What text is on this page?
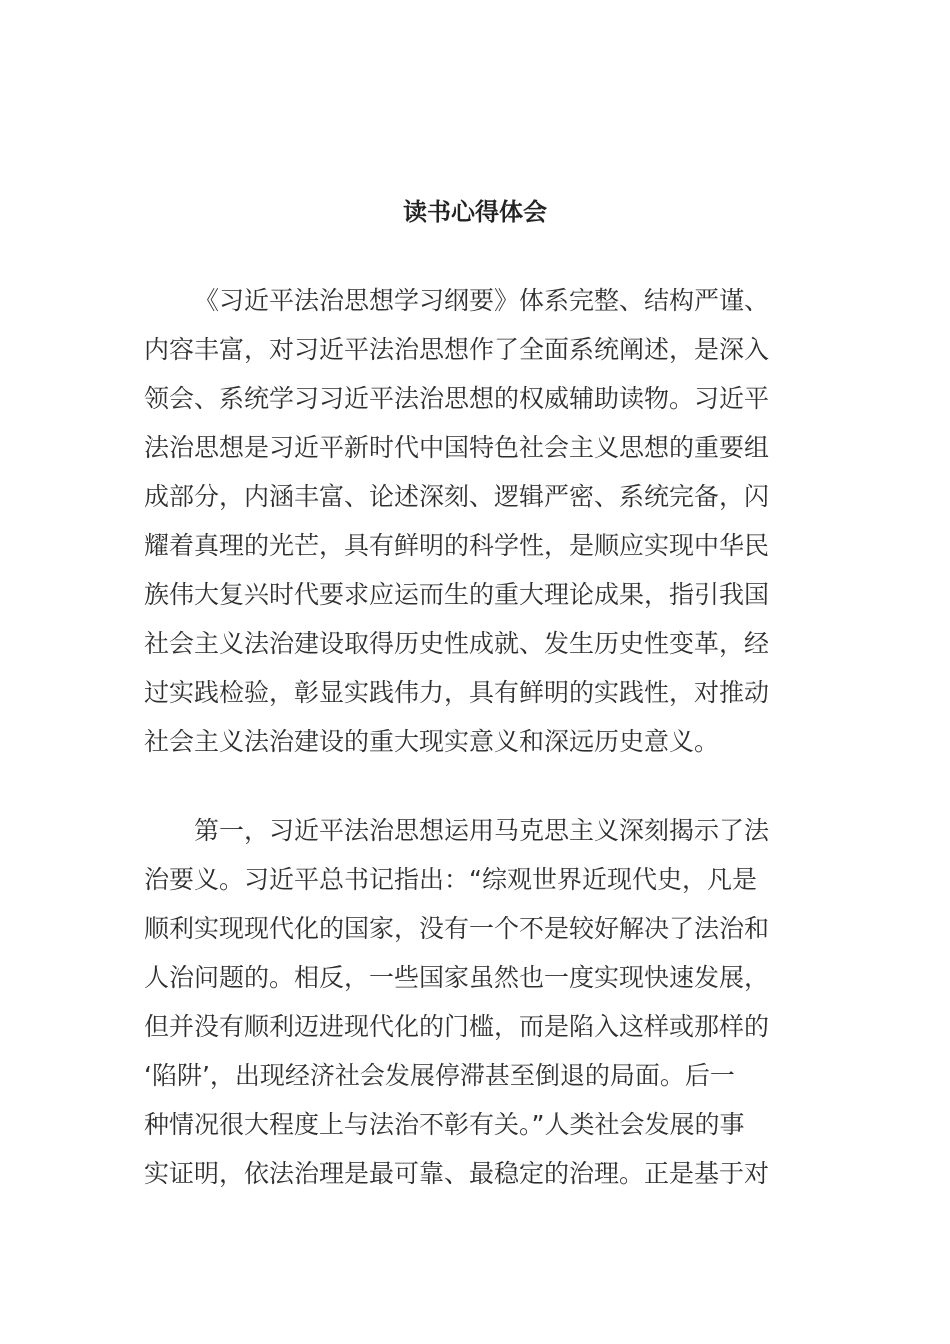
读书心得体会
《习近平法治思想学习纲要》体系完整、结构严谨、
内容丰富，对习近平法治思想作了全面系统阐述，是深入
领会、系统学习习近平法治思想的权威辅助读物。习近平
法治思想是习近平新时代中国特色社会主义思想的重要组
成部分，内涵丰富、论述深刻、逻辑严密、系统完备，闪
耀着真理的光芒，具有鲜明的科学性，是顺应实现中华民
族伟大复兴时代要求应运而生的重大理论成果，指引我国
社会主义法治建设取得历史性成就、发生历史性变革，经
过实践检验，彰显实践伟力，具有鲜明的实践性，对推动
社会主义法治建设的重大现实意义和深远历史意义。
第一，习近平法治思想运用马克思主义深刻揭示了法
治要义。习近平总书记指出：“综观世界近现代史，凡是
顺利实现现代化的国家，没有一个不是较好解决了法治和
人治问题的。相反，一些国家虽然也一度实现快速发展，
但并没有顺利迈进现代化的门槛，而是陷入这样或那样的
‘陷阱’，出现经济社会发展停滞甚至倒退的局面。后一
种情况很大程度上与法治不彰有关。”人类社会发展的事
实证明，依法治理是最可靠、最稳定的治理。正是基于对
